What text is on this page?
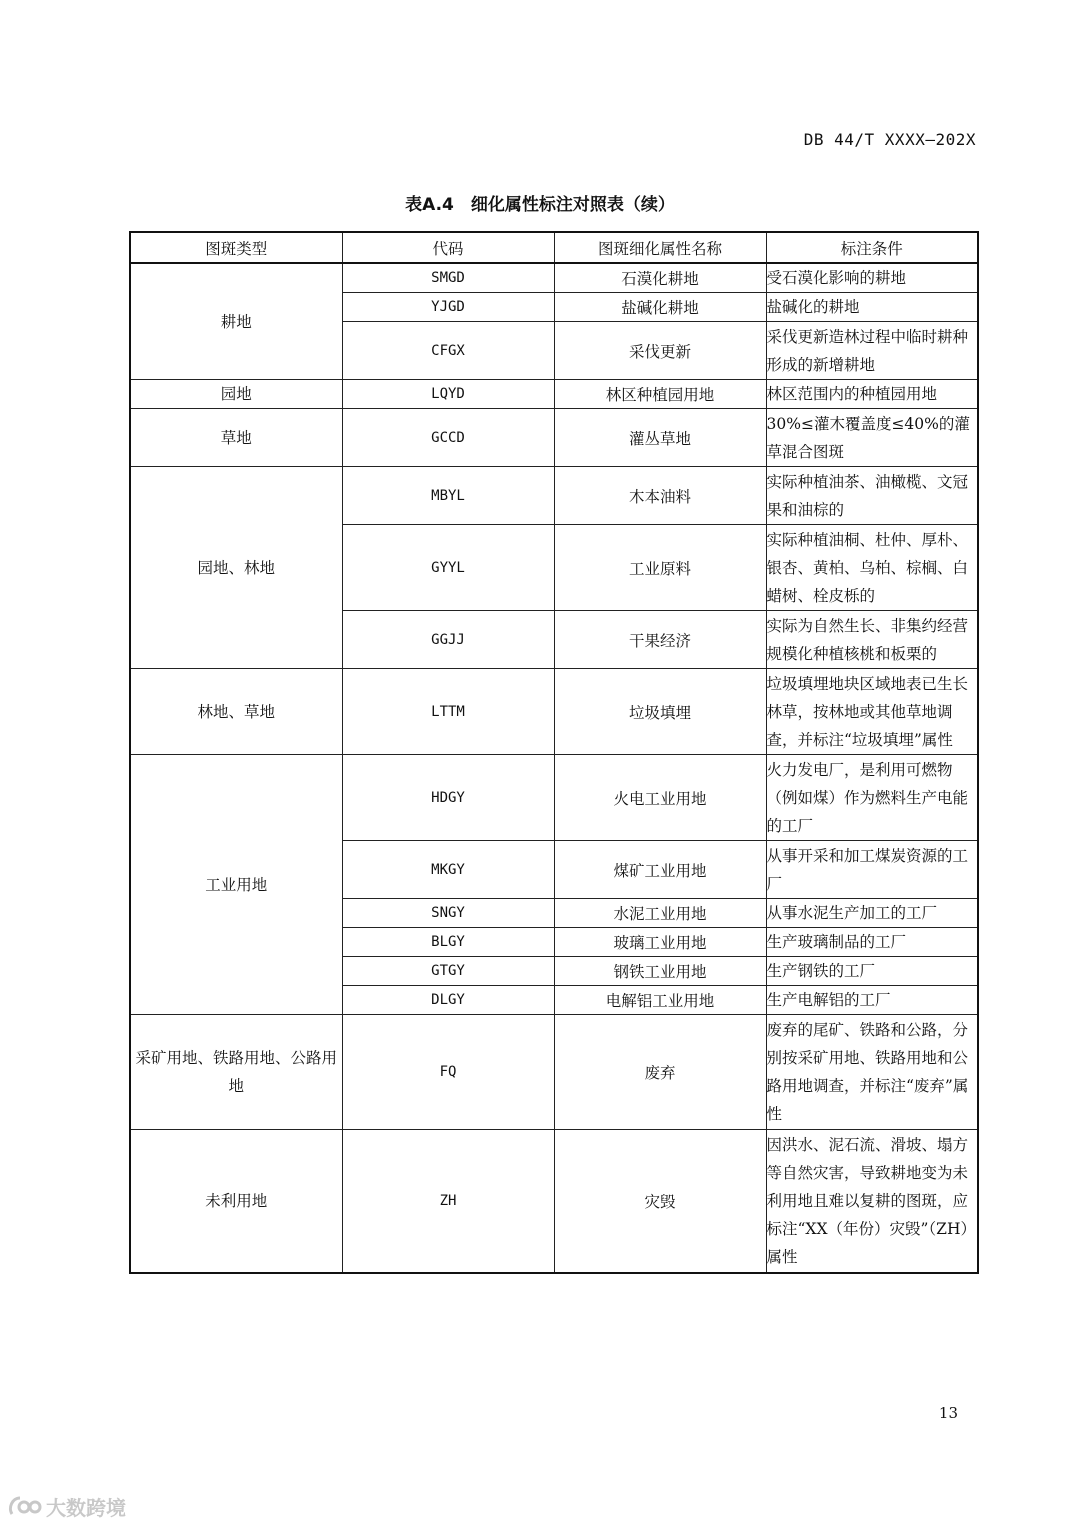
DB 44/T XXXX—202X
表A.4　细化属性标注对照表（续）
图斑类型	代码	图斑细化属性名称	标注条件

耕地	SMGD	石漠化耕地	受石漠化影响的耕地
	YJGD	盐碱化耕地	盐碱化的耕地
	CFGX	采伐更新	采伐更新造林过程中临时耕种形成的新增耕地

园地	LQYD	林区种植园用地	林区范围内的种植园用地

草地	GCCD	灌丛草地	30%≤灌木覆盖度≤40%的灌草混合图斑

园地、林地	MBYL	木本油料	实际种植油茶、油橄榄、文冠果和油棕的
	GYYL	工业原料	实际种植油桐、杜仲、厚朴、银杏、黄柏、乌柏、棕榈、白蜡树、栓皮栎的
	GGJJ	干果经济	实际为自然生长、非集约经营规模化种植核桃和板栗的

林地、草地	LTTM	垃圾填埋	垃圾填埋地块区域地表已生长林草，按林地或其他草地调查，并标注“垃圾填埋”属性

工业用地	HDGY	火电工业用地	火力发电厂，是利用可燃物（例如煤）作为燃料生产电能的工厂
	MKGY	煤矿工业用地	从事开采和加工煤炭资源的工厂
	SNGY	水泥工业用地	从事水泥生产加工的工厂
	BLGY	玻璃工业用地	生产玻璃制品的工厂
	GTGY	钢铁工业用地	生产钢铁的工厂
	DLGY	电解铝工业用地	生产电解铝的工厂

采矿用地、铁路用地、公路用地	FQ	废弃	废弃的尾矿、铁路和公路，分别按采矿用地、铁路用地和公路用地调查，并标注“废弃”属性

未利用地	ZH	灾毁	因洪水、泥石流、滑坡、塌方等自然灾害，导致耕地变为未利用地且难以复耕的图斑，应标注“XX（年份）灾毁”（ZH）属性
13
大数跨境
